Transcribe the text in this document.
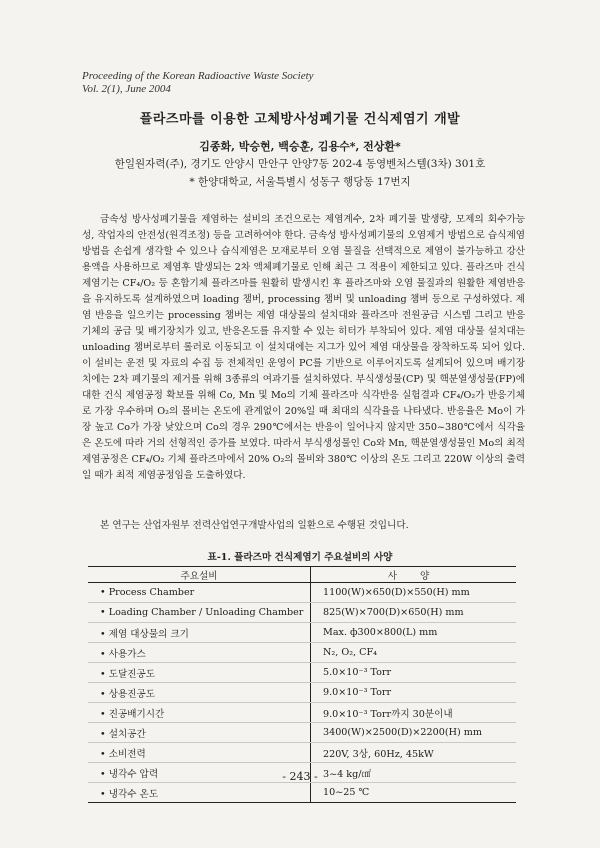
Proceeding of the Korean Radioactive Waste Society
Vol. 2(1), June 2004
플라즈마를 이용한 고체방사성폐기물 건식제염기 개발
김종화, 박승현, 백승훈, 김용수*, 전상환*
한일원자력(주), 경기도 안양시 만안구 안양7동 202-4 동영벤처스텔(3차) 301호
* 한양대학교, 서울특별시 성동구 행당동 17번지

금속성 방사성폐기물을 제염하는 설비의 조건으로는 제염계수, 2차 폐기물 발생량, 모제의 회수가능성, 작업자의 안전성(원격조정) 등을 고려하여야 한다. 금속성 방사성폐기물의 오염제거 방법으로 습식제염 방법을 손쉽게 생각할 수 있으나 습식제염은 모재로부터 오염 물질을 선택적으로 제염이 불가능하고 강산 용액을 사용하므로 제염후 발생되는 2차 액체폐기물로 인해 최근 그 적용이 제한되고 있다. 플라즈마 건식제염기는 CF₄/O₂ 등 혼합기체 플라즈마를 원활히 발생시킨 후 플라즈마와 오염 물질과의 원활한 제염반응을 유지하도록 설계하였으며 loading 챔버, processing 챔버 및 unloading 챔버 등으로 구성하였다. 제염 반응을 일으키는 processing 챔버는 제염 대상물의 설치대와 플라즈마 전원공급 시스템 그리고 반응 기체의 공급 및 배기장치가 있고, 반응온도를 유지할 수 있는 히터가 부착되어 있다. 제염 대상물 설치대는 unloading 챔버로부터 롤러로 이동되고 이 설치대에는 지그가 있어 제염 대상물을 장착하도록 되어 있다. 이 설비는 운전 및 자료의 수집 등 전체적인 운영이 PC를 기반으로 이루어지도록 설계되어 있으며 배기장치에는 2차 폐기물의 제거를 위해 3종류의 여과기를 설치하였다. 부식생성물(CP) 및 핵분열생성물(FP)에 대한 건식 제염공정 확보를 위해 Co, Mn 및 Mo의 기체 플라즈마 식각반응 실험결과 CF₄/O₂가 반응기체로 가장 우수하며 O₂의 몰비는 온도에 관계없이 20%일 때 최대의 식각율을 나타냈다. 반응율은 Mo이 가장 높고 Co가 가장 낮았으며 Co의 경우 290℃에서는 반응이 일어나지 않지만 350~380℃에서 식각율은 온도에 따라 거의 선형적인 증가를 보였다. 따라서 부식생성물인 Co와 Mn, 핵분열생성물인 Mo의 최적 제염공정은 CF₄/O₂ 기체 플라즈마에서 20% O₂의 몰비와 380℃ 이상의 온도 그리고 220W 이상의 출력일 때가 최적 제염공정임을 도출하였다.

본 연구는 산업자원부 전력산업연구개발사업의 일환으로 수행된 것입니다.

표-1. 플라즈마 건식제염기 주요설비의 사양
주요설비	사 양
• Process Chamber	1100(W)×650(D)×550(H) mm
• Loading Chamber / Unloading Chamber	825(W)×700(D)×650(H) mm
• 제염 대상물의 크기	Max. ф300×800(L) mm
• 사용가스	N₂, O₂, CF₄
• 도달진공도	5.0×10⁻³ Torr
• 상용진공도	9.0×10⁻³ Torr
• 진공배기시간	9.0×10⁻³ Torr까지 30분이내
• 설치공간	3400(W)×2500(D)×2200(H) mm
• 소비전력	220V, 3상, 60Hz, 45kW
• 냉각수 압력	3~4 kg/㎠
• 냉각수 온도	10~25 ℃
- 243 -
